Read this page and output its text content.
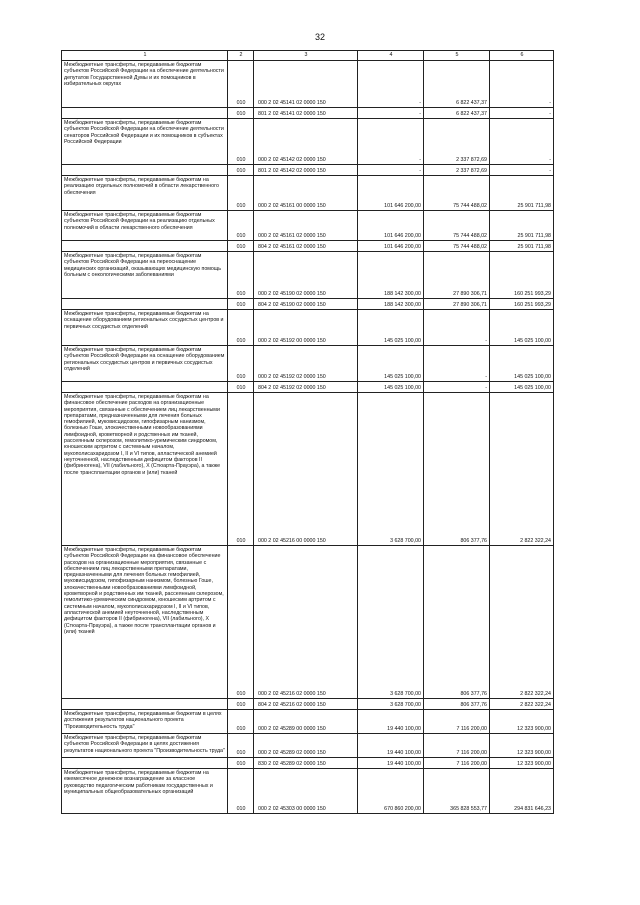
32
1	2	3	4	5	6
Межбюджетные трансферты, передаваемые бюджетам субъектов Российской Федерации на обеспечение деятельности депутатов Государственной Думы и их помощников в избирательных округах	010	000 2 02 45141 02 0000 150	-	6 822 437,37	-
	010	801 2 02 45141 02 0000 150	-	6 822 437,37	-
Межбюджетные трансферты, передаваемые бюджетам субъектов Российской Федерации на обеспечение деятельности сенаторов Российской Федерации и их помощников в субъектах Российской Федерации	010	000 2 02 45142 02 0000 150	-	2 337 872,69	-
	010	801 2 02 45142 02 0000 150	-	2 337 872,69	-
Межбюджетные трансферты, передаваемые бюджетам на реализацию отдельных полномочий в области лекарственного обеспечения	010	000 2 02 45161 00 0000 150	101 646 200,00	75 744 488,02	25 901 711,98
Межбюджетные трансферты, передаваемые бюджетам субъектов Российской Федерации на реализацию отдельных полномочий в области лекарственного обеспечения	010	000 2 02 45161 02 0000 150	101 646 200,00	75 744 488,02	25 901 711,98
	010	804 2 02 45161 02 0000 150	101 646 200,00	75 744 488,02	25 901 711,98
Межбюджетные трансферты, передаваемые бюджетам субъектов Российской Федерации на переоснащение медицинских организаций, оказывающих медицинскую помощь больным с онкологическими заболеваниями	010	000 2 02 45190 02 0000 150	188 142 300,00	27 890 306,71	160 251 993,29
	010	804 2 02 45190 02 0000 150	188 142 300,00	27 890 306,71	160 251 993,29
Межбюджетные трансферты, передаваемые бюджетам на оснащение оборудованием региональных сосудистых центров и первичных сосудистых отделений	010	000 2 02 45192 00 0000 150	145 025 100,00	-	145 025 100,00
Межбюджетные трансферты, передаваемые бюджетам субъектов Российской Федерации на оснащение оборудованием региональных сосудистых центров и первичных сосудистых отделений	010	000 2 02 45192 02 0000 150	145 025 100,00	-	145 025 100,00
	010	804 2 02 45192 02 0000 150	145 025 100,00	-	145 025 100,00
Межбюджетные трансферты, передаваемые бюджетам на финансовое обеспечение расходов на организационные мероприятия, связанные с обеспечением лиц лекарственными препаратами, предназначенными для лечения больных гемофилией, муковисцидозом, гипофизарным нанизмом, болезнью Гоше, злокачественными новообразованиями лимфоидной, кроветворной и родственных им тканей, рассеянным склерозом, гемолитико-уремическим синдромом, юношеским артритом с системным началом, мукополисахаридозом I, II и VI типов, апластической анемией неуточненной, наследственным дефицитом факторов II (фибриногена), VII (лабильного), X (Стюарта-Прауэра), а также после трансплантации органов и (или) тканей	010	000 2 02 45216 00 0000 150	3 628 700,00	806 377,76	2 822 322,24
Межбюджетные трансферты, передаваемые бюджетам субъектов Российской Федерации на финансовое обеспечение расходов на организационные мероприятия, связанные с обеспечением лиц лекарственными препаратами, предназначенными для лечения больных гемофилией, муковисцидозом, гипофизарным нанизмом, болезнью Гоше, злокачественными новообразованиями лимфоидной, кроветворной и родственных им тканей, рассеянным склерозом, гемолитико-уремическим синдромом, юношеским артритом с системным началом, мукополисахаридозом I, II и VI типов, апластической анемией неуточненной, наследственным дефицитом факторов II (фибриногена), VII (лабильного), X (Стюарта-Прауэра), а также после трансплантации органов и (или) тканей	010	000 2 02 45216 02 0000 150	3 628 700,00	806 377,76	2 822 322,24
	010	804 2 02 45216 02 0000 150	3 628 700,00	806 377,76	2 822 322,24
Межбюджетные трансферты, передаваемые бюджетам в целях достижения результатов национального проекта "Производительность труда"	010	000 2 02 45289 00 0000 150	19 440 100,00	7 116 200,00	12 323 900,00
Межбюджетные трансферты, передаваемые бюджетам субъектов Российской Федерации в целях достижения результатов национального проекта "Производительность труда"	010	000 2 02 45289 02 0000 150	19 440 100,00	7 116 200,00	12 323 900,00
	010	830 2 02 45289 02 0000 150	19 440 100,00	7 116 200,00	12 323 900,00
Межбюджетные трансферты, передаваемые бюджетам на ежемесячное денежное вознаграждение за классное руководство педагогическим работникам государственных и муниципальных общеобразовательных организаций	010	000 2 02 45303 00 0000 150	670 860 200,00	365 828 553,77	294 831 646,23
